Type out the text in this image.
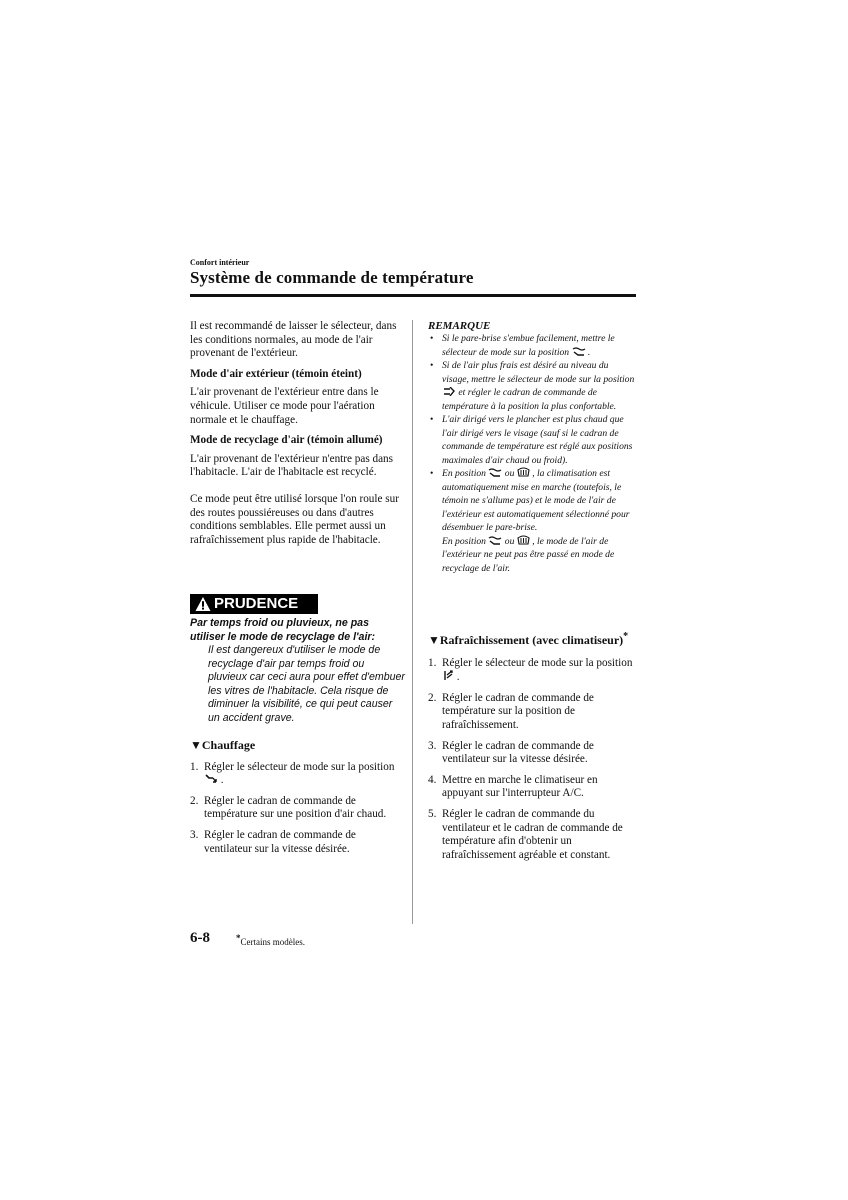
Confort intérieur
Système de commande de température

Il est recommandé de laisser le sélecteur, dans les conditions normales, au mode de l'air provenant de l'extérieur.

Mode d'air extérieur (témoin éteint)

L'air provenant de l'extérieur entre dans le véhicule. Utiliser ce mode pour l'aération normale et le chauffage.

Mode de recyclage d'air (témoin allumé)

L'air provenant de l'extérieur n'entre pas dans l'habitacle. L'air de l'habitacle est recyclé.

Ce mode peut être utilisé lorsque l'on roule sur des routes poussiéreuses ou dans d'autres conditions semblables. Elle permet aussi un rafraîchissement plus rapide de l'habitacle.

PRUDENCE

Par temps froid ou pluvieux, ne pas utiliser le mode de recyclage de l'air:

Il est dangereux d'utiliser le mode de recyclage d'air par temps froid ou pluvieux car ceci aura pour effet d'embuer les vitres de l'habitacle. Cela risque de diminuer la visibilité, ce qui peut causer un accident grave.

▼Chauffage

1. Régler le sélecteur de mode sur la position  .
2. Régler le cadran de commande de température sur une position d'air chaud.
3. Régler le cadran de commande de ventilateur sur la vitesse désirée.

REMARQUE

• Si le pare-brise s'embue facilement, mettre le sélecteur de mode sur la position .
• Si de l'air plus frais est désiré au niveau du visage, mettre le sélecteur de mode sur la position  et régler le cadran de commande de température à la position la plus confortable.
• L'air dirigé vers le plancher est plus chaud que l'air dirigé vers le visage (sauf si le cadran de commande de température est réglé aux positions maximales d'air chaud ou froid).
• En position ou , la climatisation est automatiquement mise en marche (toutefois, le témoin ne s'allume pas) et le mode de l'air de l'extérieur est automatiquement sélectionné pour désembuer le pare-brise.
En position ou , le mode de l'air de l'extérieur ne peut pas être passé en mode de recyclage de l'air.

▼Rafraîchissement (avec climatiseur)*

1. Régler le sélecteur de mode sur la position  .
2. Régler le cadran de commande de température sur la position de rafraîchissement.
3. Régler le cadran de commande de ventilateur sur la vitesse désirée.
4. Mettre en marche le climatiseur en appuyant sur l'interrupteur A/C.
5. Régler le cadran de commande du ventilateur et le cadran de commande de température afin d'obtenir un rafraîchissement agréable et constant.
6-8	*Certains modèles.
